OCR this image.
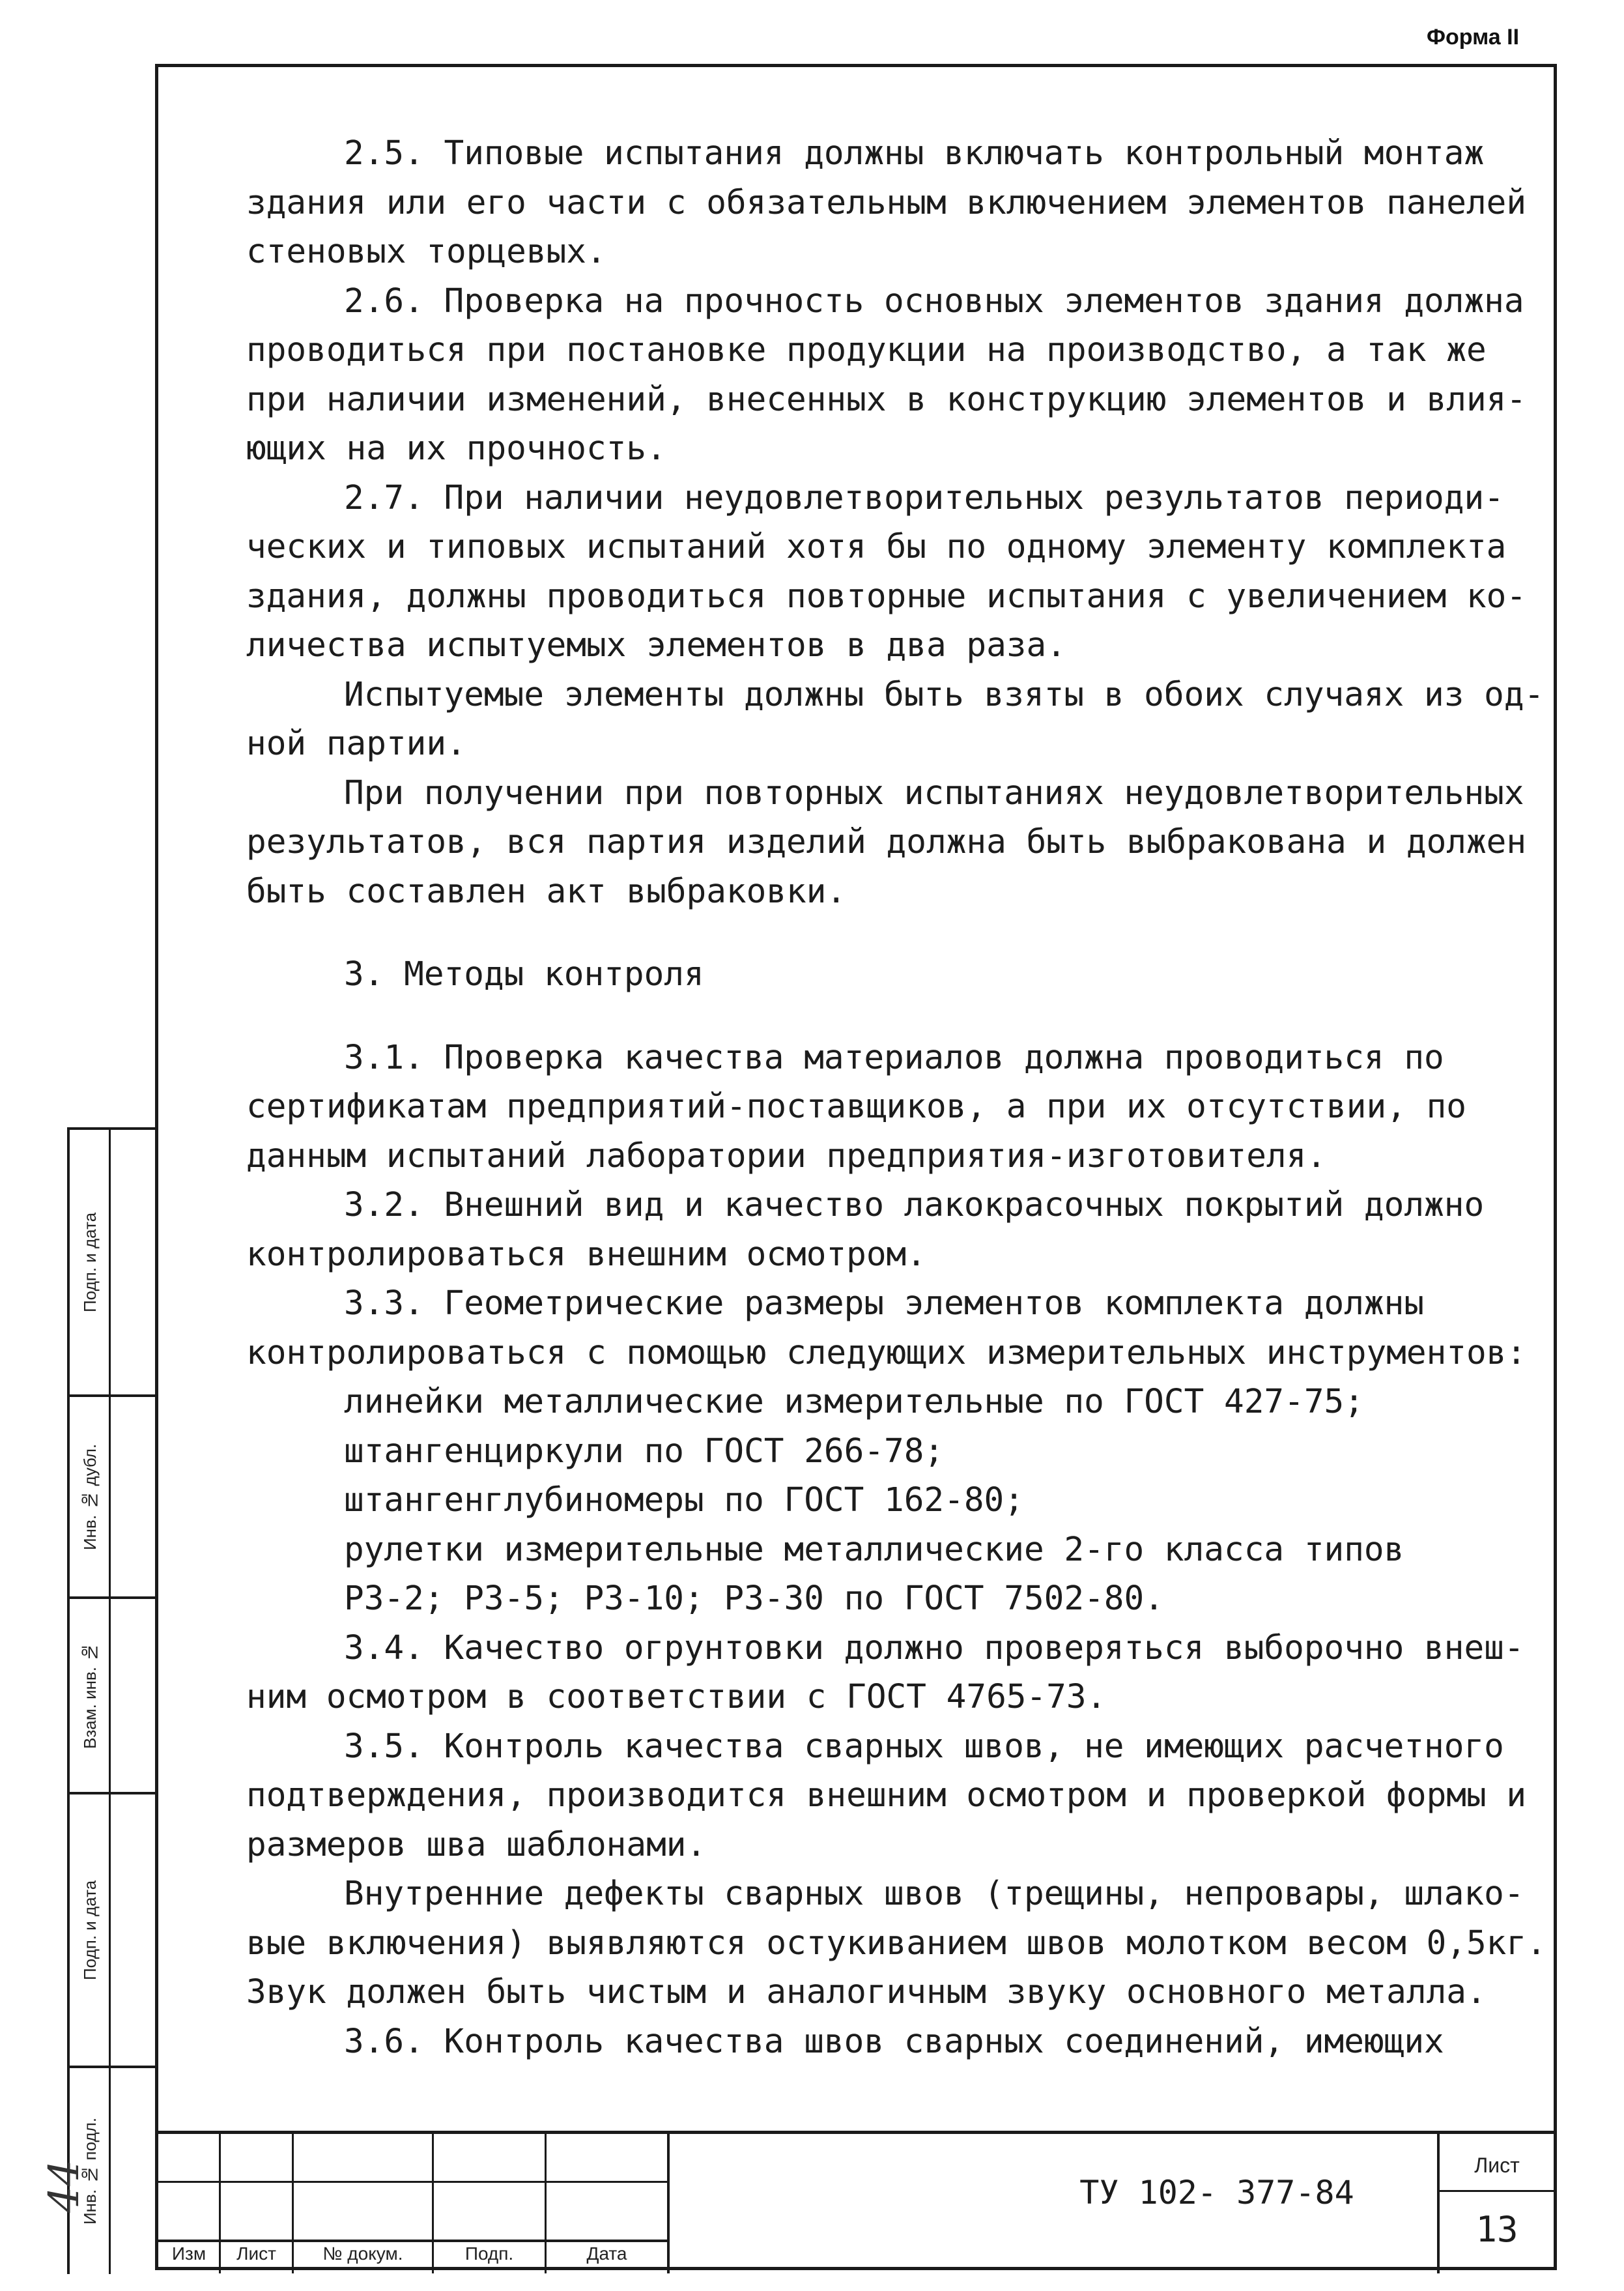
Форма II

2.5. Типовые испытания должны включать контрольный монтаж

здания или его части с обязательным включением элементов панелей

стеновых торцевых.

2.6. Проверка на прочность основных элементов здания должна

проводиться при постановке продукции на производство, а так же

при наличии изменений, внесенных в конструкцию элементов и влия-

ющих на их прочность.

2.7. При наличии неудовлетворительных результатов периоди-

ческих и типовых испытаний хотя бы по одному элементу комплекта

здания, должны проводиться повторные испытания с увеличением ко-

личества испытуемых элементов в два раза.

Испытуемые элементы должны быть взяты в обоих случаях из од-

ной партии.

При получении при повторных испытаниях неудовлетворительных

результатов, вся партия изделий должна быть выбракована и должен

быть составлен акт выбраковки.

3. Методы контроля

3.1. Проверка качества материалов должна проводиться по

сертификатам предприятий-поставщиков, а при их отсутствии, по

данным испытаний лаборатории предприятия-изготовителя.

3.2. Внешний вид и качество лакокрасочных покрытий должно

контролироваться внешним осмотром.

3.3. Геометрические размеры элементов комплекта должны

контролироваться с помощью следующих измерительных инструментов:

линейки металлические измерительные по ГОСТ 427-75;

штангенциркули по ГОСТ 266-78;

штангенглубиномеры по ГОСТ 162-80;

рулетки измерительные металлические 2-го класса типов

РЗ-2; РЗ-5; РЗ-10; РЗ-30 по ГОСТ 7502-80.

3.4. Качество огрунтовки должно проверяться выборочно внеш-

ним осмотром в соответствии с ГОСТ 4765-73.

3.5. Контроль качества сварных швов, не имеющих расчетного

подтверждения, производится внешним осмотром и проверкой формы и

размеров шва шаблонами.

Внутренние дефекты сварных швов (трещины, непровары, шлако-

вые включения) выявляются остукиванием швов молотком весом 0,5кг.

Звук должен быть чистым и аналогичным звуку основного металла.

3.6. Контроль качества швов сварных соединений, имеющих

Подп. и дата
Инв. № дубл.
Взам. инв. №
Подп. и дата
Инв. № подл.
44
Изм	Лист	№ докум.	Подп.	Дата
ТУ 102- 377-84
Лист
13
